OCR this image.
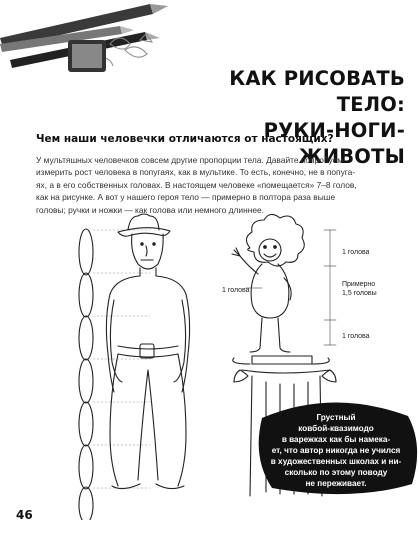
КАК РИСОВАТЬ ТЕЛО:
РУКИ-НОГИ-ЖИВОТЫ
Чем наши человечки отличаются от настоящих?
У мультяшных человечков совсем другие пропорции тела. Давайте попробуем
измерить рост человека в попугаях, как в мультике. То есть, конечно, не в попуга-
ях, а в его собственных головах. В настоящем человеке «помещается» 7–8 голов,
как на рисунке. А вот у нашего героя тело — примерно в полтора раза выше
головы; ручки и ножки — как голова или немного длиннее.
1 голова
1 голова
Примерно
1,5 головы
1 голова
Грустный
ковбой-квазимодо
в варежках как бы намека-
ет, что автор никогда не учился
в художественных школах и ни-
сколько по этому поводу
не переживает.
46
